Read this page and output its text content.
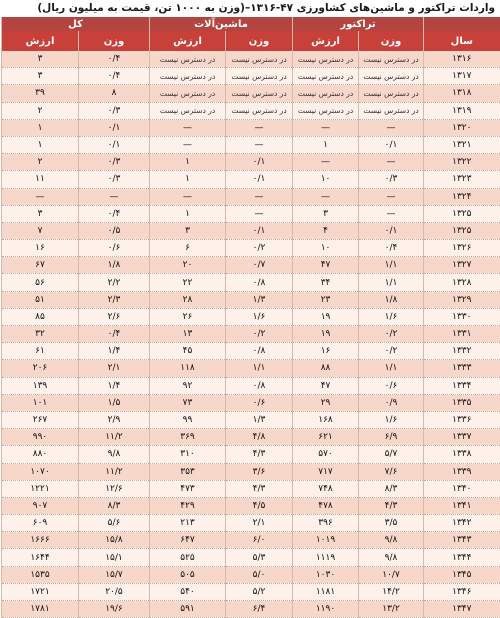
واردات تراکتور و ماشین‌های کشاورزی ۴۷-۱۳۱۶–(وزن به ۱۰۰۰ تن، قیمت به میلیون ریال)
	تراکتور		ماشین‌آلات		کل	
سال	وزن	ارزش	وزن	ارزش	وزن	ارزش
۱۳۱۶	در دسترس نیست	در دسترس نیست	در دسترس نیست	در دسترس نیست	۰/۴	۳
۱۳۱۷	در دسترس نیست	در دسترس نیست	در دسترس نیست	در دسترس نیست	۰/۴	۳
۱۳۱۸	در دسترس نیست	در دسترس نیست	در دسترس نیست	در دسترس نیست	۸	۳۹
۱۳۱۹	در دسترس نیست	در دسترس نیست	در دسترس نیست	در دسترس نیست	۰/۳	۲
۱۳۲۰	—	—	—	—	۰/۱	۱
۱۳۲۱	۰/۱	۱	—	—	۰/۱	۱
۱۳۲۲	—	—	۰/۱	۱	۰/۳	۲
۱۳۲۳	۰/۳	۱۰	۰/۱	۱	۰/۳	۱۱
۱۳۲۴	—	—	—	—	—	—
۱۳۲۵	—	۳	—	۱	۰/۴	۳
۱۳۲۵	۰/۱	۴	۰/۱	۳	۰/۵	۷
۱۳۲۶	۰/۴	۱۰	۰/۲	۶	۰/۶	۱۶
۱۳۲۷	۱/۱	۴۷	۰/۷	۲۰	۱/۸	۶۷
۱۳۲۸	۱/۱	۳۴	۰/۸	۲۲	۲/۲	۵۶
۱۳۲۹	۱/۸	۲۳	۱/۳	۲۸	۲/۳	۵۱
۱۳۳۰	۱/۶	۱۹	۱/۶	۲۶	۲/۶	۸۵
۱۳۳۱	۰/۲	۱۹	۰/۲	۱۳	۰/۴	۳۲
۱۳۳۲	۰/۲	۱۶	۰/۸	۴۵	۱/۴	۶۱
۱۳۳۳	۱/۱	۸۸	۱/۱	۱۱۸	۲/۱	۲۰۶
۱۳۳۴	۰/۶	۴۷	۰/۸	۹۲	۱/۴	۱۳۹
۱۳۳۵	۰/۹	۲۹	۰/۶	۷۳	۱/۵	۱۰۱
۱۳۳۶	۱/۶	۱۶۸	۱/۳	۹۹	۲/۹	۲۶۷
۱۳۳۷	۶/۹	۶۲۱	۴/۸	۳۶۹	۱۱/۲	۹۹۰
۱۳۳۸	۵/۷	۵۷۰	۴/۳	۳۱۰	۹/۸	۸۸۰
۱۳۳۹	۷/۶	۷۱۷	۳/۶	۳۵۳	۱۱/۲	۱۰۷۰
۱۳۴۰	۸/۳	۷۴۸	۴/۳	۴۷۳	۱۲/۶	۱۲۲۱
۱۳۴۱	۴/۳	۴۷۸	۴/۵	۴۲۹	۸/۳	۹۰۷
۱۳۴۲	۳/۵	۳۹۶	۲/۱	۲۱۳	۵/۶	۶۰۹
۱۳۴۳	۹/۸	۱۰۱۹	۶/۰	۶۴۷	۱۵/۸	۱۶۶۶
۱۳۴۴	۹/۸	۱۱۱۹	۵/۳	۵۲۵	۱۵/۱	۱۶۴۴
۱۳۴۵	۱۰/۷	۱۰۳۰	۵/۰	۵۰۵	۱۵/۷	۱۵۳۵
۱۳۴۶	۱۴/۲	۱۱۸۱	۵/۲	۵۴۰	۲۰/۵	۱۷۲۱
۱۳۴۷	۱۳/۲	۱۱۹۰	۶/۴	۵۹۱	۱۹/۶	۱۷۸۱
